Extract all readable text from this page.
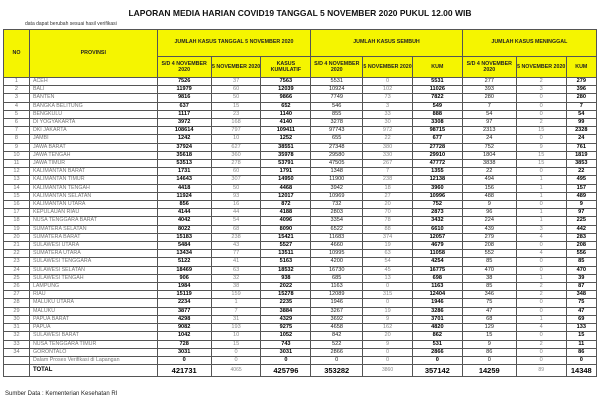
LAPORAN MEDIA HARIAN COVID19 TANGGAL 5 NOVEMBER 2020 PUKUL 12.00 WIB
data dapat berubah sesuai hasil verifikasi
NO	PROVINSI	JUMLAH KASUS TANGGAL 5 NOVEMBER 2020			JUMLAH KASUS SEMBUH			JUMLAH KASUS MENINGGAL		
		S/D 4 NOVEMBER 2020	5 NOVEMBER 2020	KASUS KUMULATIF	S/D 4 NOVEMBER 2020	5 NOVEMBER 2020	KUM	S/D 4 NOVEMBER 2020	5 NOVEMBER 2020	KUM
1	ACEH	7526	37	7563	5531	0	5531	277	2	279
2	BALI	11979	60	12039	10924	102	11026	393	3	396
3	BANTEN	9816	50	9866	7749	73	7822	280	0	280
4	BANGKA BELITUNG	637	15	652	546	3	549	7	0	7
5	BENGKULU	1117	23	1140	855	33	888	54	0	54
6	DI YOGYAKARTA	3972	168	4140	3278	30	3308	97	2	99
7	DKI JAKARTA	108614	797	109411	97743	972	98715	2313	15	2328
8	JAMBI	1242	10	1252	655	22	677	24	0	24
9	JAWA BARAT	37924	627	38551	27348	380	27728	752	9	761
10	JAWA TENGAH	35618	360	35978	29580	330	29910	1804	15	1819
11	JAWA TIMUR	53513	278	53791	47505	267	47772	3838	15	3853
12	KALIMANTAN BARAT	1731	60	1791	1348	7	1355	22	0	22
13	KALIMANTAN TIMUR	14643	307	14950	11900	238	12138	494	1	495
14	KALIMANTAN TENGAH	4418	50	4468	3942	18	3960	156	1	157
15	KALIMANTAN SELATAN	11924	93	12017	10969	27	10996	488	1	489
16	KALIMANTAN UTARA	856	16	872	732	20	752	9	0	9
17	KEPULAUAN RIAU	4144	44	4188	2803	70	2873	96	1	97
18	NUSA TENGGARA BARAT	4042	54	4096	3354	78	3432	224	1	225
19	SUMATERA SELATAN	8022	68	8090	6522	88	6610	439	3	442
20	SUMATERA BARAT	15183	238	15421	11683	374	12057	279	4	283
21	SULAWESI UTARA	5484	43	5527	4660	19	4679	208	0	208
22	SUMATERA UTARA	13434	77	13511	10995	63	11058	552	4	556
23	SULAWESI TENGGARA	5122	41	5163	4200	54	4254	85	0	85
24	SULAWESI SELATAN	18469	63	18532	16730	45	16775	470	0	470
25	SULAWESI TENGAH	906	32	938	685	13	698	38	1	39
26	LAMPUNG	1984	38	2022	1163	0	1163	85	2	87
27	RIAU	15119	159	15278	12089	315	12404	346	2	348
28	MALUKU UTARA	2234	1	2235	1946	0	1946	75	0	75
29	MALUKU	3877	7	3884	3267	19	3286	47	0	47
30	PAPUA BARAT	4298	31	4329	3692	9	3701	68	1	69
31	PAPUA	9082	193	9275	4658	162	4820	129	4	133
32	SULAWESI BARAT	1042	10	1052	842	20	862	15	0	15
33	NUSA TENGGARA TIMUR	728	15	743	522	9	531	9	2	11
34	GORONTALO	3031	0	3031	2866	0	2866	86	0	86
	Dalam Proses Verifikasi di Lapangan	0	0	0	0	0	0	0	0	0
	TOTAL	421731	4065	425796	353282	3860	357142	14259	89	14348
Sumber Data : Kementerian Kesehatan RI
